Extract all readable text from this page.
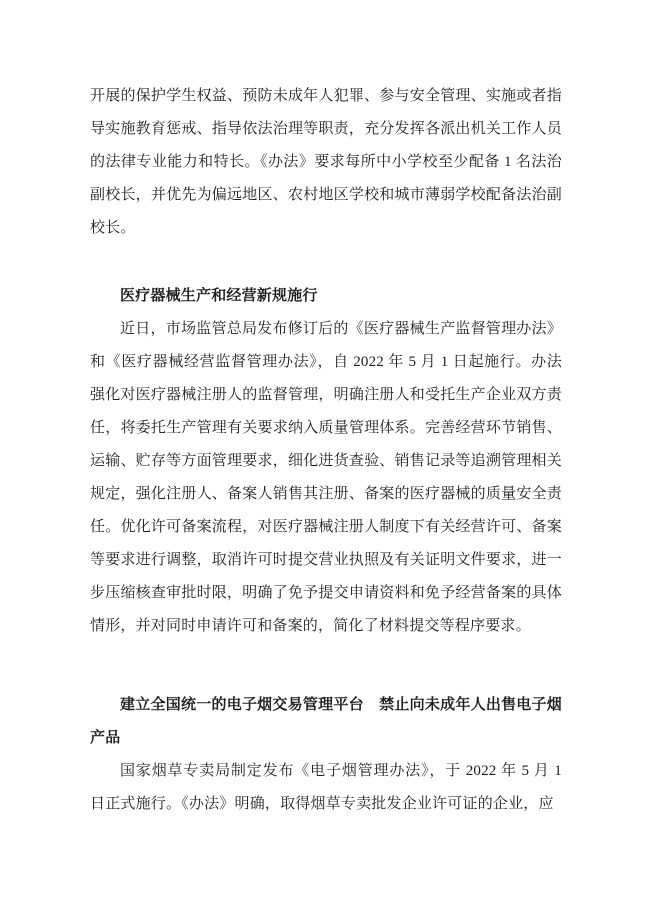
开展的保护学生权益、预防未成年人犯罪、参与安全管理、实施或者指导实施教育惩戒、指导依法治理等职责，充分发挥各派出机关工作人员的法律专业能力和特长。《办法》要求每所中小学校至少配备 1 名法治副校长，并优先为偏远地区、农村地区学校和城市薄弱学校配备法治副校长。

医疗器械生产和经营新规施行

近日，市场监管总局发布修订后的《医疗器械生产监督管理办法》和《医疗器械经营监督管理办法》，自 2022 年 5 月 1 日起施行。办法强化对医疗器械注册人的监督管理，明确注册人和受托生产企业双方责任，将委托生产管理有关要求纳入质量管理体系。完善经营环节销售、运输、贮存等方面管理要求，细化进货查验、销售记录等追溯管理相关规定，强化注册人、备案人销售其注册、备案的医疗器械的质量安全责任。优化许可备案流程，对医疗器械注册人制度下有关经营许可、备案等要求进行调整，取消许可时提交营业执照及有关证明文件要求，进一步压缩核查审批时限，明确了免予提交申请资料和免予经营备案的具体情形，并对同时申请许可和备案的，简化了材料提交等程序要求。

建立全国统一的电子烟交易管理平台　禁止向未成年人出售电子烟产品

国家烟草专卖局制定发布《电子烟管理办法》，于 2022 年 5 月 1 日正式施行。《办法》明确，取得烟草专卖批发企业许可证的企业，应
